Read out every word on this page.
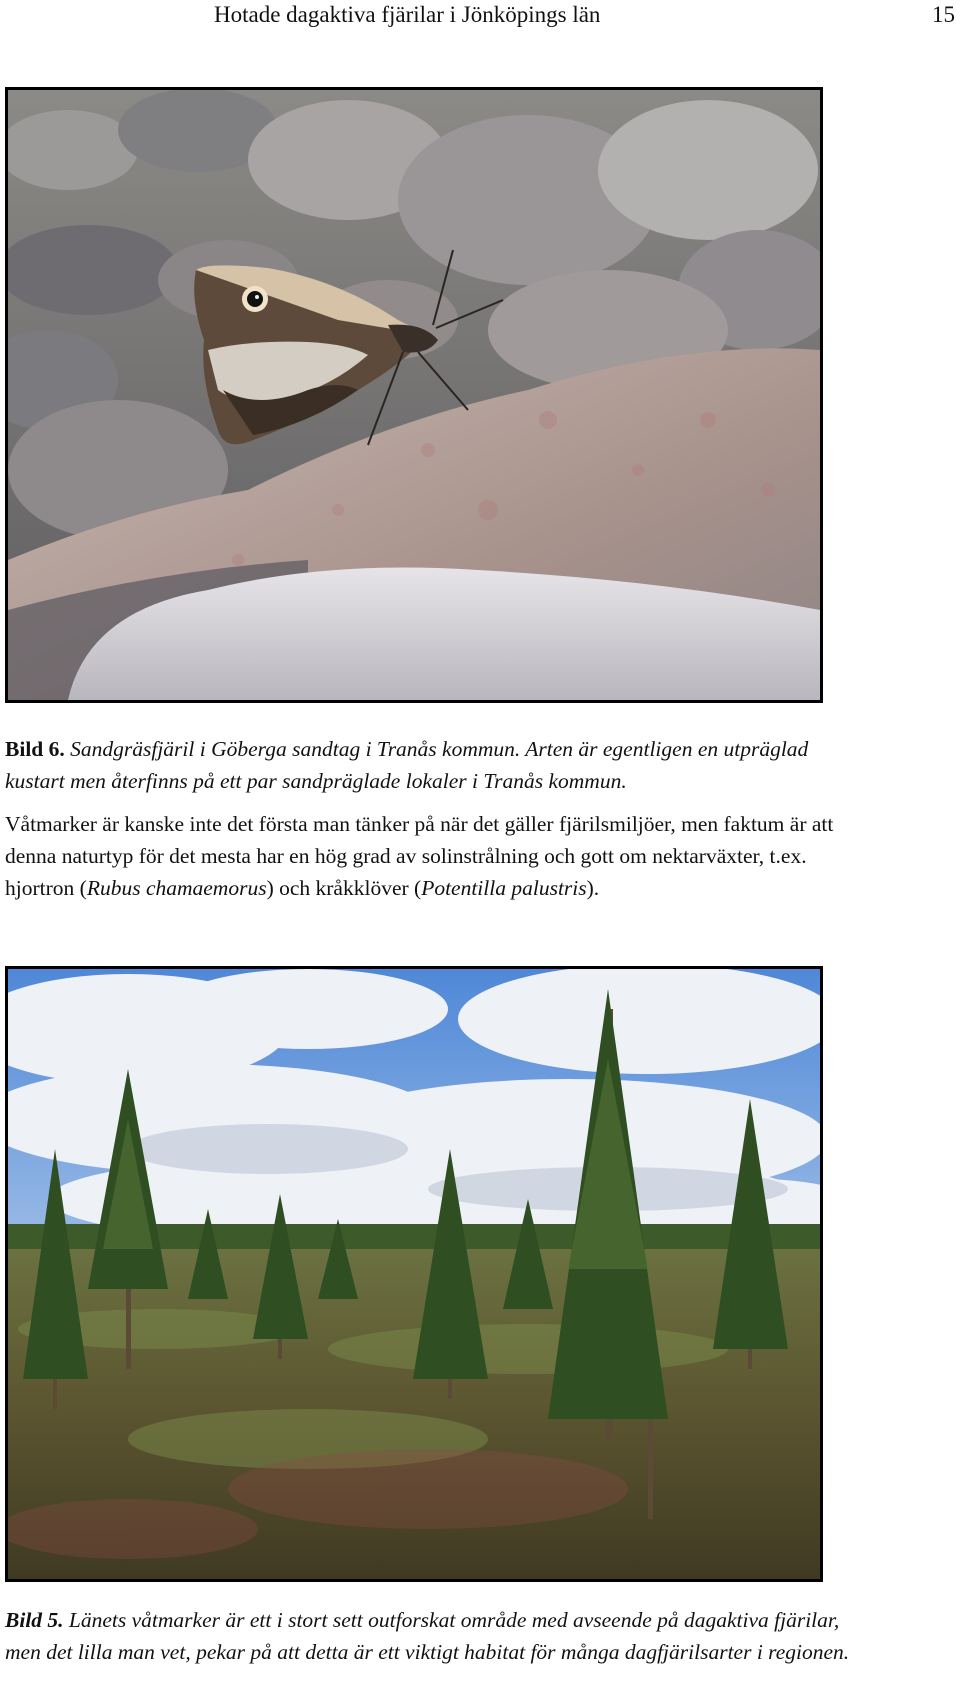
Hotade dagaktiva fjärilar i Jönköpings län	15
Bild 6. Sandgräsfjäril i Göberga sandtag i Tranås kommun. Arten är egentligen en utpräglad kustart men återfinns på ett par sandpräglade lokaler i Tranås kommun.
Våtmarker är kanske inte det första man tänker på när det gäller fjärilsmiljöer, men faktum är att denna naturtyp för det mesta har en hög grad av solinstrålning och gott om nektarväxter, t.ex. hjortron (Rubus chamaemorus) och kråkklöver (Potentilla palustris).
Bild 5. Länets våtmarker är ett i stort sett outforskat område med avseende på dagaktiva fjärilar, men det lilla man vet, pekar på att detta är ett viktigt habitat för många dagfjärilsarter i regionen.
